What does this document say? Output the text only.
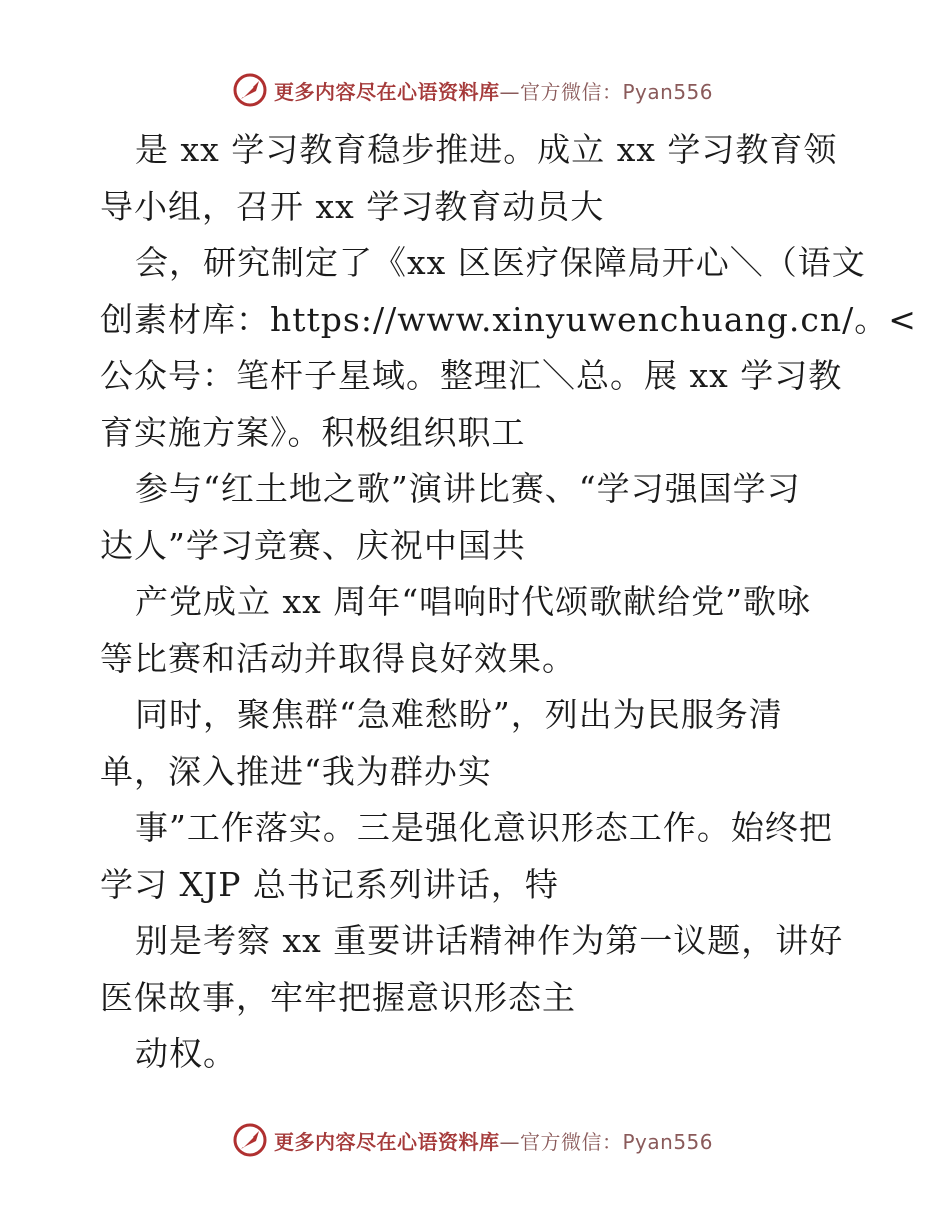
更多内容尽在心语资料库—官方微信：Pyan556
是 xx 学习教育稳步推进。成立 xx 学习教育领
导小组，召开 xx 学习教育动员大
会，研究制定了《xx 区医疗保障局开心＼（语文
创素材库：https://www.xinyuwenchuang.cn/。<
公众号：笔杆子星域。整理汇＼总。展 xx 学习教
育实施方案》。积极组织职工
参与“红土地之歌”演讲比赛、“学习强国学习
达人”学习竞赛、庆祝中国共
产党成立 xx 周年“唱响时代颂歌献给党”歌咏
等比赛和活动并取得良好效果。
同时，聚焦群“急难愁盼”，列出为民服务清
单，深入推进“我为群办实
事”工作落实。三是强化意识形态工作。始终把
学习 XJP 总书记系列讲话，特
别是考察 xx 重要讲话精神作为第一议题，讲好
医保故事，牢牢把握意识形态主
动权。
更多内容尽在心语资料库—官方微信：Pyan556
